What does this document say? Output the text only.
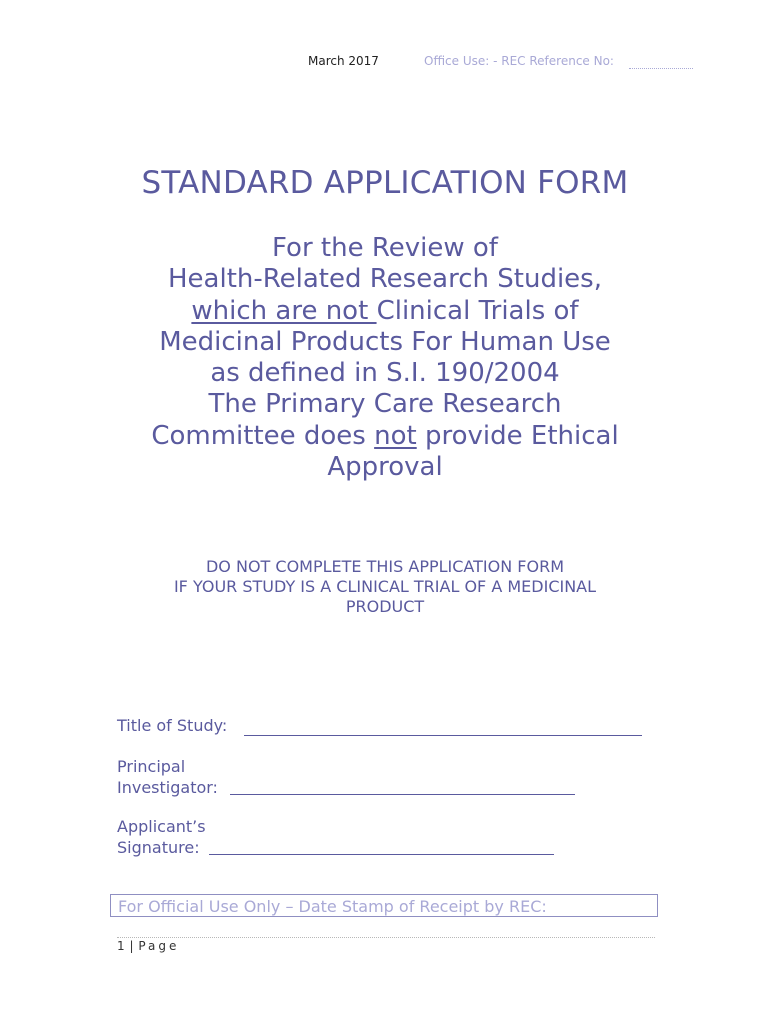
March 2017	Office Use: - REC Reference No:
STANDARD APPLICATION FORM
For the Review of
Health-Related Research Studies,
which are not Clinical Trials of
Medicinal Products For Human Use
as defined in S.I. 190/2004
The Primary Care Research
Committee does not provide Ethical
Approval
DO NOT COMPLETE THIS APPLICATION FORM
IF YOUR STUDY IS A CLINICAL TRIAL OF A MEDICINAL
PRODUCT
Title of Study:
Principal
Investigator:
Applicant’s
Signature:
For Official Use Only – Date Stamp of Receipt by REC:
1 | Page
